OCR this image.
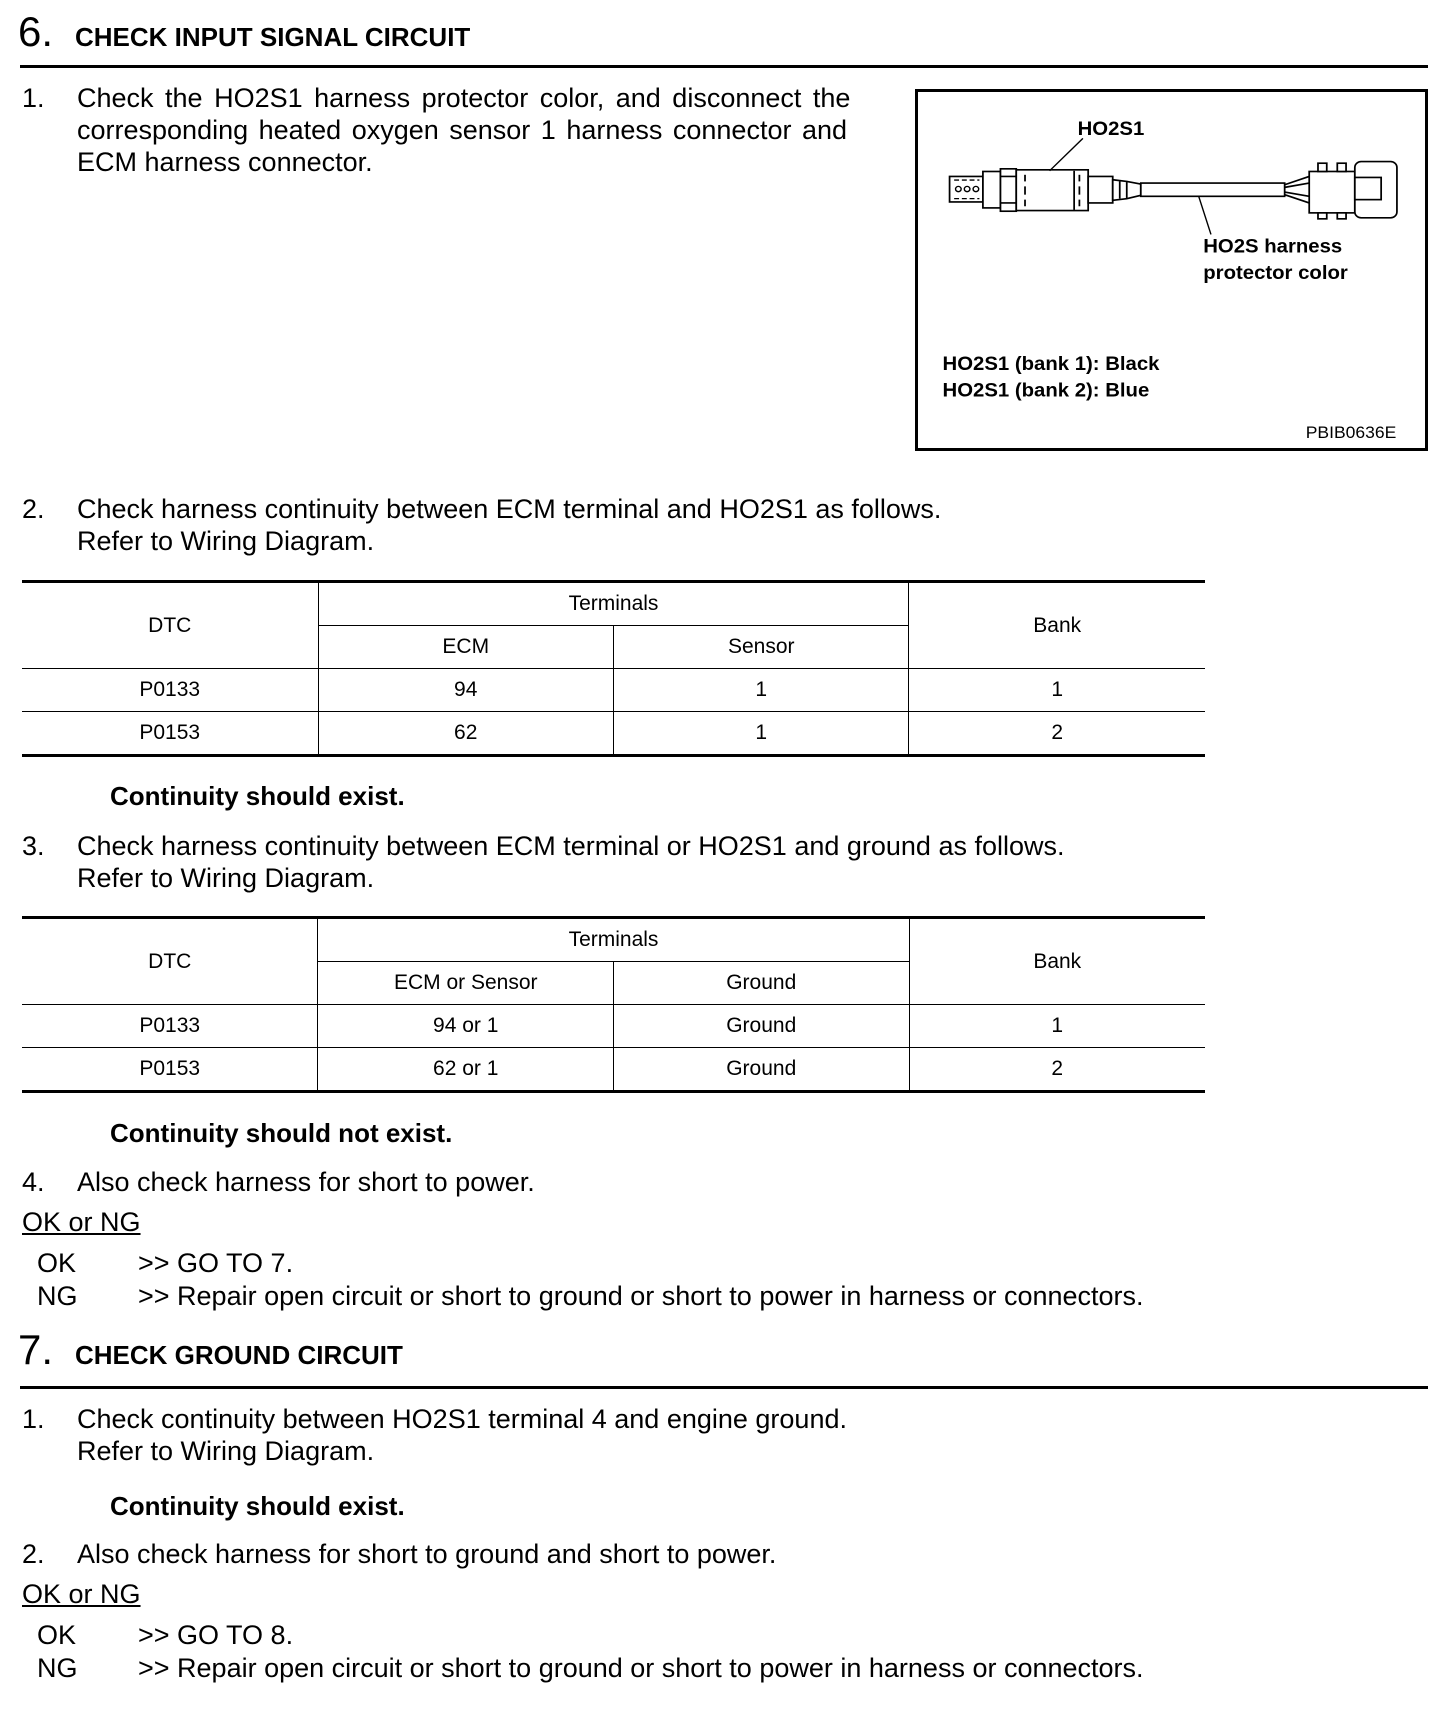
6. CHECK INPUT SIGNAL CIRCUIT
1. Check the HO2S1 harness protector color, and disconnect the
corresponding heated oxygen sensor 1 harness connector and
ECM harness connector.
HO2S1
HO2S harness
protector color
HO2S1 (bank 1): Black
HO2S1 (bank 2): Blue
PBIB0636E
2. Check harness continuity between ECM terminal and HO2S1 as follows.
Refer to Wiring Diagram.
DTC	Terminals		Bank
	ECM	Sensor	
P0133	94	1	1
P0153	62	1	2
Continuity should exist.
3. Check harness continuity between ECM terminal or HO2S1 and ground as follows.
Refer to Wiring Diagram.
DTC	Terminals		Bank
	ECM or Sensor	Ground	
P0133	94 or 1	Ground	1
P0153	62 or 1	Ground	2
Continuity should not exist.
4. Also check harness for short to power.
OK or NG
OK >> GO TO 7.
NG >> Repair open circuit or short to ground or short to power in harness or connectors.
7. CHECK GROUND CIRCUIT
1. Check continuity between HO2S1 terminal 4 and engine ground.
Refer to Wiring Diagram.
Continuity should exist.
2. Also check harness for short to ground and short to power.
OK or NG
OK >> GO TO 8.
NG >> Repair open circuit or short to ground or short to power in harness or connectors.
